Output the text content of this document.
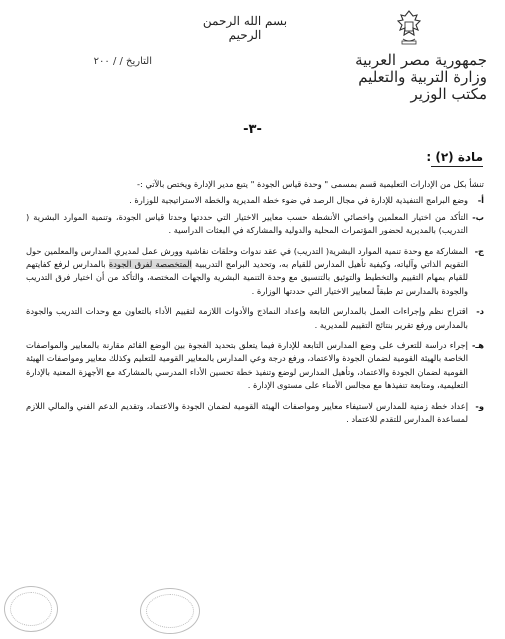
بسم الله الرحمن الرحيم
جمهورية مصر العربية
وزارة التربية والتعليم
مكتب الوزير
التاريخ / / ٢٠٠
-٣-
مادة (٢) :

تنشأ بكل من الإدارات التعليمية قسم بمسمى " وحدة قياس الجودة " يتبع مدير الإدارة ويختص بالآتي :-

أ-
وضع البرامج التنفيذية للإدارة في مجال الرصد في ضوء خطة المديرية والخطة الاستراتيجية للوزارة .
ب-
التأكد من اختيار المعلمين واخصائي الأنشطة حسب معايير الاختيار التي حددتها وحدتا قياس الجودة، وتنمية الموارد البشرية ( التدريب) بالمديرية لحضور المؤتمرات المحلية والدولية والمشاركة في البعثات الدراسية .
ج-
المشاركة مع وحدة تنمية الموارد البشرية( التدريب) في عقد ندوات وحلقات نقاشية وورش عمل لمديري المدارس والمعلمين حول التقويم الذاتي وآلياته، وكيفية تأهيل المدارس للقيام به، وتحديد البرامج التدريبية المتخصصة لفرق الجودة بالمدارس لرفع كفايتهم للقيام بمهام التقييم والتخطيط والتوثيق بالتنسيق مع وحدة التنمية البشرية والجهات المختصة، والتأكد من أن اختيار فرق التدريب والجودة بالمدارس تم طبقاً لمعايير الاختيار التي حددتها الوزارة .
د-
اقتراح نظم وإجراءات العمل بالمدارس التابعة وإعداد النماذج والأدوات اللازمة لتقييم الأداء بالتعاون مع وحدات التدريب والجودة بالمدارس ورفع تقرير بنتائج التقييم للمديرية .
هـ-
إجراء دراسة للتعرف على وضع المدارس التابعة للإدارة فيما يتعلق بتحديد الفجوة بين الوضع القائم مقارنة بالمعايير والمواصفات الخاصة بالهيئة القومية لضمان الجودة والاعتماد، ورفع درجة وعي المدارس بالمعايير القومية للتعليم وكذلك معايير ومواصفات الهيئة القومية لضمان الجودة والاعتماد، وتأهيل المدارس لوضع وتنفيذ خطة تحسين الأداء المدرسي بالمشاركة مع الأجهزة المعنية بالإدارة التعليمية، ومتابعة تنفيذها مع مجالس الأمناء على مستوى الإدارة .
و-
إعداد خطة زمنية للمدارس لاستيفاء معايير ومواصفات الهيئة القومية لضمان الجودة والاعتماد، وتقديم الدعم الفني والمالي اللازم لمساعدة المدارس للتقدم للاعتماد .
